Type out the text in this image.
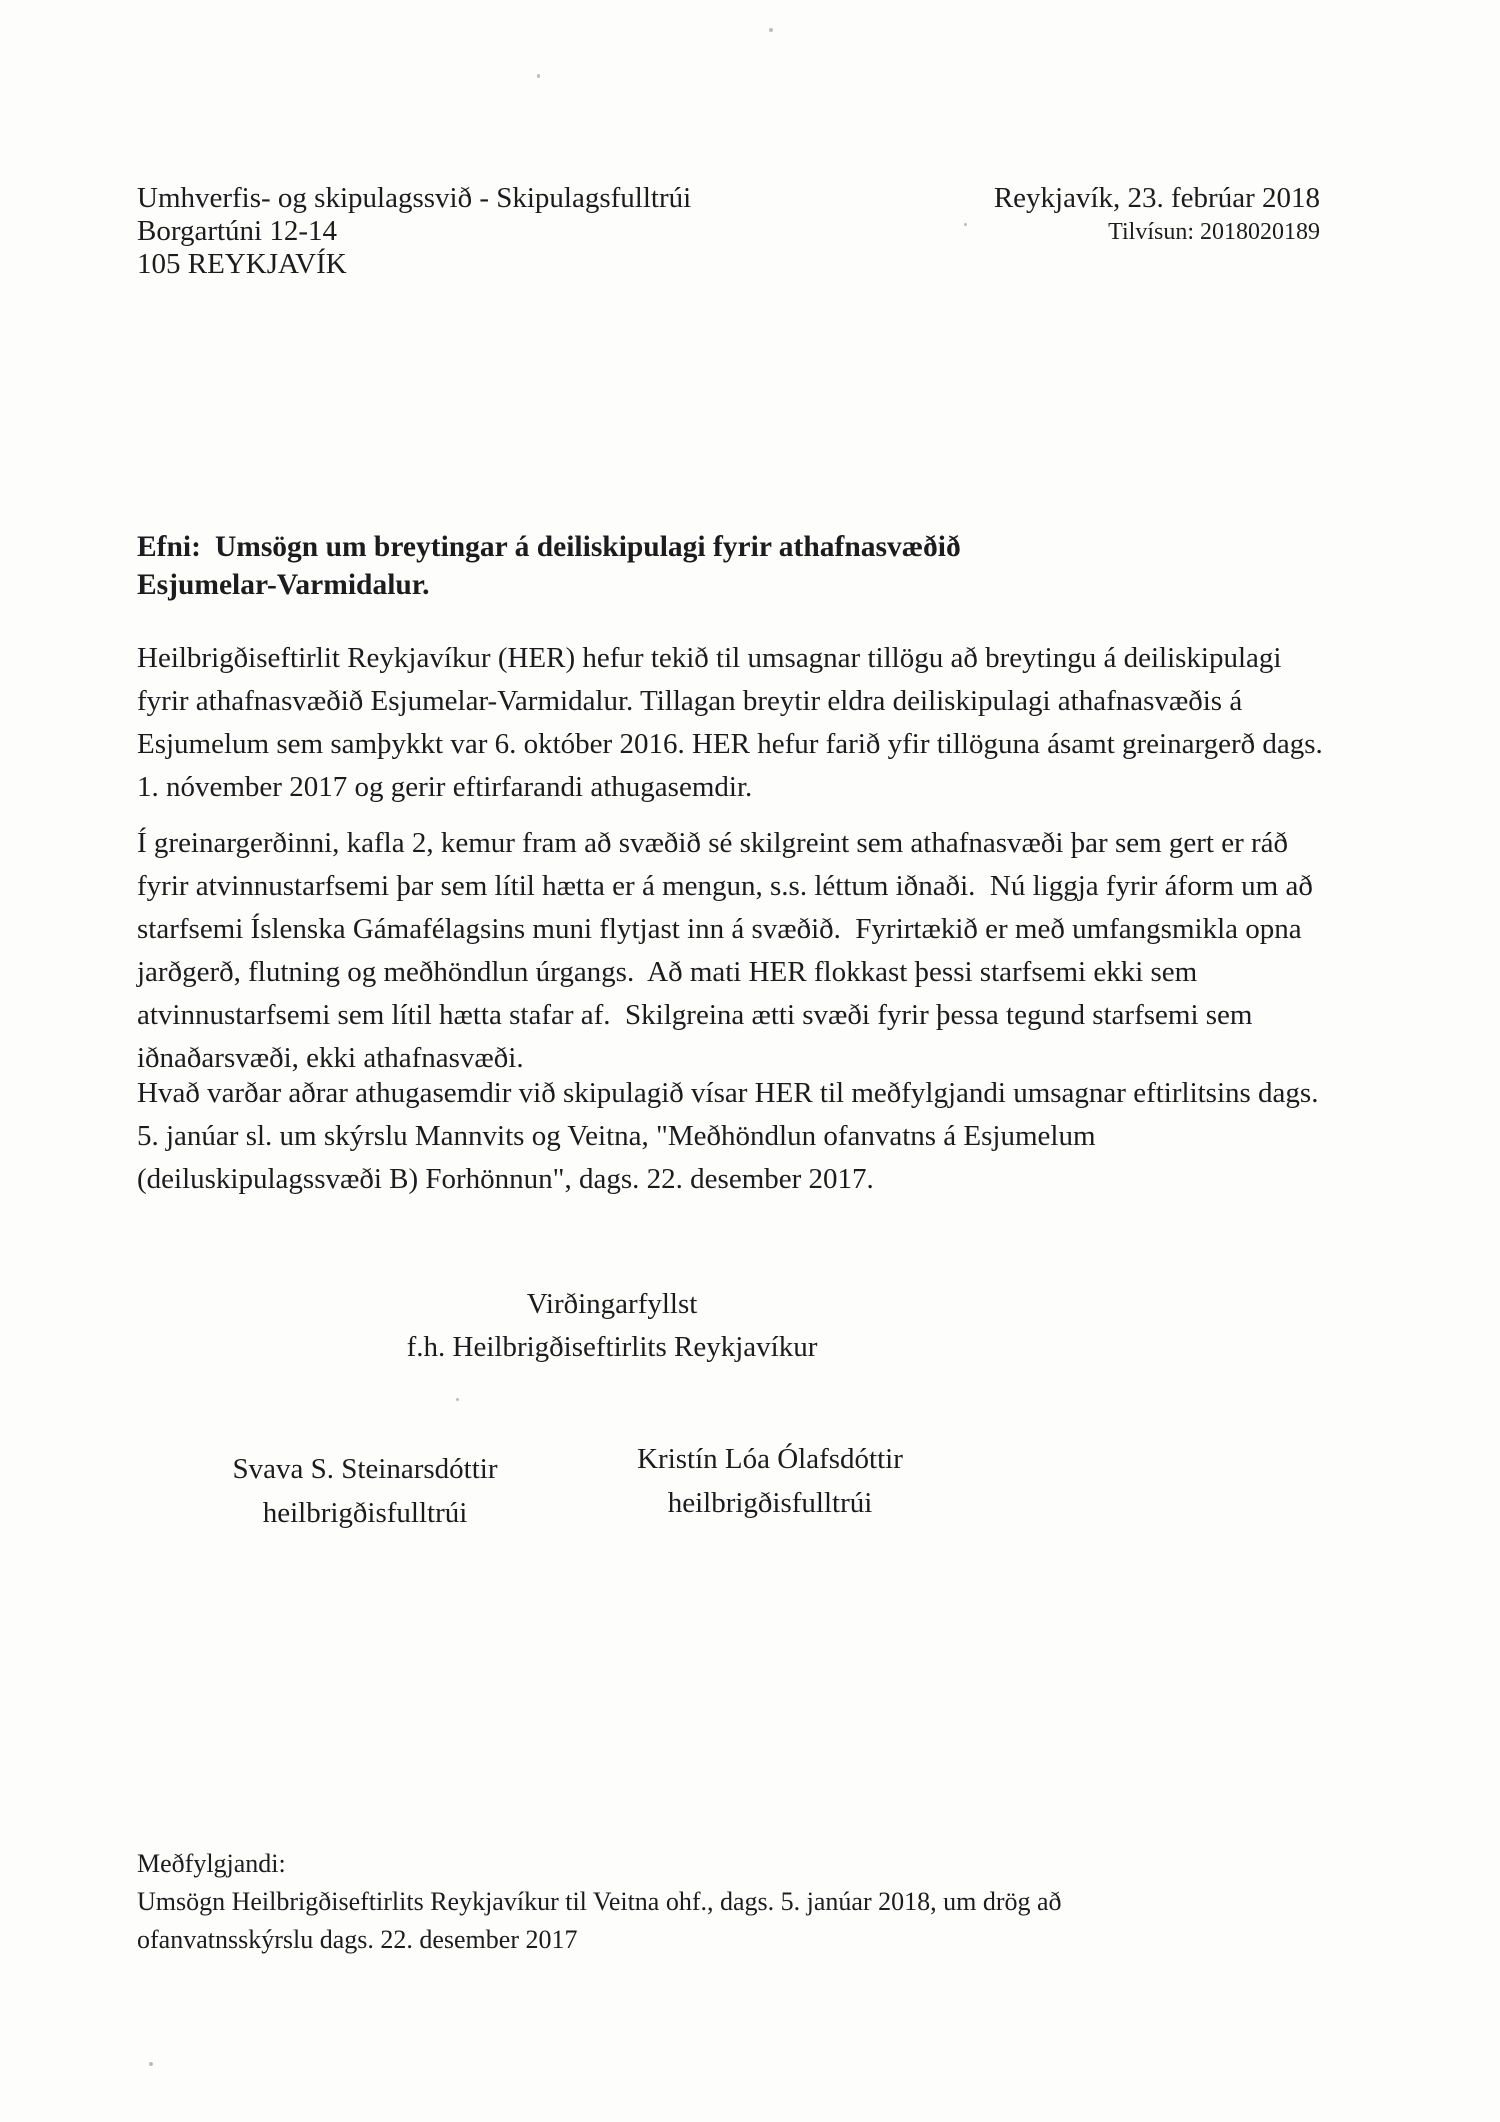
Umhverfis- og skipulagssvið - Skipulagsfulltrúi
Borgartúni 12-14
105 REYKJAVÍK
Reykjavík, 23. febrúar 2018
Tilvísun: 2018020189
Efni: Umsögn um breytingar á deiliskipulagi fyrir athafnasvæðið Esjumelar-Varmidalur.
Heilbrigðiseftirlit Reykjavíkur (HER) hefur tekið til umsagnar tillögu að breytingu á deiliskipulagi fyrir athafnasvæðið Esjumelar-Varmidalur. Tillagan breytir eldra deiliskipulagi athafnasvæðis á Esjumelum sem samþykkt var 6. október 2016. HER hefur farið yfir tillöguna ásamt greinargerð dags. 1. nóvember 2017 og gerir eftirfarandi athugasemdir.
Í greinargerðinni, kafla 2, kemur fram að svæðið sé skilgreint sem athafnasvæði þar sem gert er ráð fyrir atvinnustarfsemi þar sem lítil hætta er á mengun, s.s. léttum iðnaði.  Nú liggja fyrir áform um að starfsemi Íslenska Gámafélagsins muni flytjast inn á svæðið.  Fyrirtækið er með umfangsmikla opna jarðgerð, flutning og meðhöndlun úrgangs.  Að mati HER flokkast þessi starfsemi ekki sem atvinnustarfsemi sem lítil hætta stafar af.  Skilgreina ætti svæði fyrir þessa tegund starfsemi sem iðnaðarsvæði, ekki athafnasvæði.
Hvað varðar aðrar athugasemdir við skipulagið vísar HER til meðfylgjandi umsagnar eftirlitsins dags. 5. janúar sl. um skýrslu Mannvits og Veitna, "Meðhöndlun ofanvatns á Esjumelum (deiluskipulagssvæði B) Forhönnun", dags. 22. desember 2017.
Virðingarfyllst
f.h. Heilbrigðiseftirlits Reykjavíkur
Svava S. Steinarsdóttir
heilbrigðisfulltrúi
Kristín Lóa Ólafsdóttir
heilbrigðisfulltrúi
Meðfylgjandi:
Umsögn Heilbrigðiseftirlits Reykjavíkur til Veitna ohf., dags. 5. janúar 2018, um drög að ofanvatnsskýrslu dags. 22. desember 2017
